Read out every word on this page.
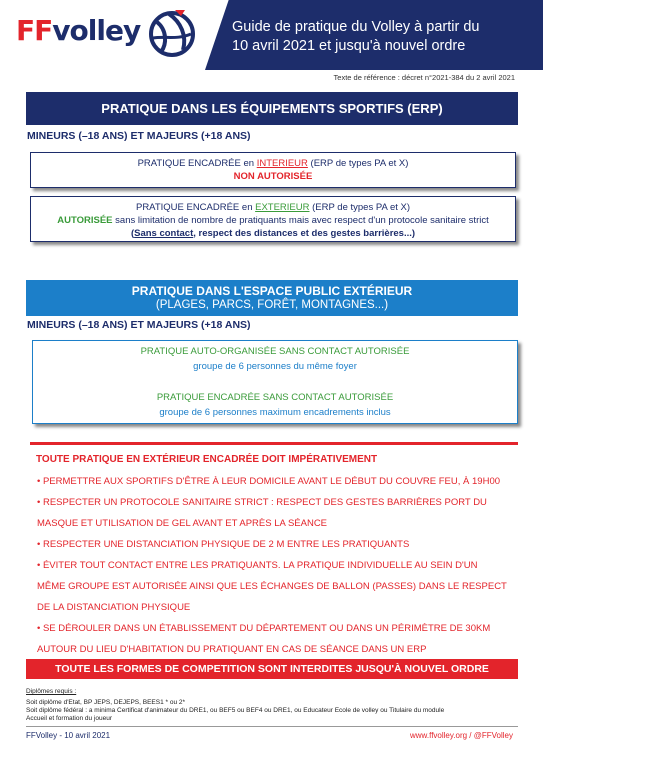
FFvolley	Guide de pratique du Volley à partir du
10 avril 2021 et jusqu'à nouvel ordre
Texte de référence : décret n°2021-384 du 2 avril 2021
PRATIQUE DANS LES ÉQUIPEMENTS SPORTIFS (ERP)
MINEURS (–18 ANS) ET MAJEURS (+18 ANS)
PRATIQUE ENCADRÉE en INTERIEUR (ERP de types PA et X)
NON AUTORISÉE
PRATIQUE ENCADRÉE en EXTERIEUR (ERP de types PA et X)
AUTORISÉE sans limitation de nombre de pratiquants mais avec respect d'un protocole sanitaire strict
(Sans contact, respect des distances et des gestes barrières...)
PRATIQUE DANS L'ESPACE PUBLIC EXTÉRIEUR
(PLAGES, PARCS, FORÊT, MONTAGNES...)
MINEURS (–18 ANS) ET MAJEURS (+18 ANS)
PRATIQUE AUTO-ORGANISÉE SANS CONTACT AUTORISÉE
groupe de 6 personnes du même foyer
PRATIQUE ENCADRÉE SANS CONTACT AUTORISÉE
groupe de 6 personnes maximum encadrements inclus
TOUTE PRATIQUE EN EXTÉRIEUR ENCADRÉE DOIT IMPÉRATIVEMENT
• PERMETTRE AUX SPORTIFS D'ÊTRE À LEUR DOMICILE AVANT LE DÉBUT DU COUVRE FEU, À 19H00
• RESPECTER UN PROTOCOLE SANITAIRE STRICT : RESPECT DES GESTES BARRIÈRES PORT DU
MASQUE ET UTILISATION DE GEL AVANT ET APRÈS LA SÉANCE
• RESPECTER UNE DISTANCIATION PHYSIQUE DE 2 M ENTRE LES PRATIQUANTS
• ÉVITER TOUT CONTACT ENTRE LES PRATIQUANTS. LA PRATIQUE INDIVIDUELLE AU SEIN D'UN
MÊME GROUPE EST AUTORISÉE AINSI QUE LES ÉCHANGES DE BALLON (PASSES) DANS LE RESPECT
DE LA DISTANCIATION PHYSIQUE
• SE DÉROULER DANS UN ÉTABLISSEMENT DU DÉPARTEMENT OU DANS UN PÉRIMÈTRE DE 30KM
AUTOUR DU LIEU D'HABITATION DU PRATIQUANT EN CAS DE SÉANCE DANS UN ERP
TOUTE LES FORMES DE COMPETITION SONT INTERDITES JUSQU'À NOUVEL ORDRE
Diplômes requis :
Soit diplôme d'Etat, BP JEPS, DEJEPS, BEES1 * ou 2*
Soit diplôme fédéral : a minima Certificat d'animateur du DRE1, ou BEF5 ou BEF4 ou DRE1, ou Educateur Ecole de volley ou Titulaire du module
Accueil et formation du joueur
FFVolley - 10 avril 2021	www.ffvolley.org / @FFVolley
